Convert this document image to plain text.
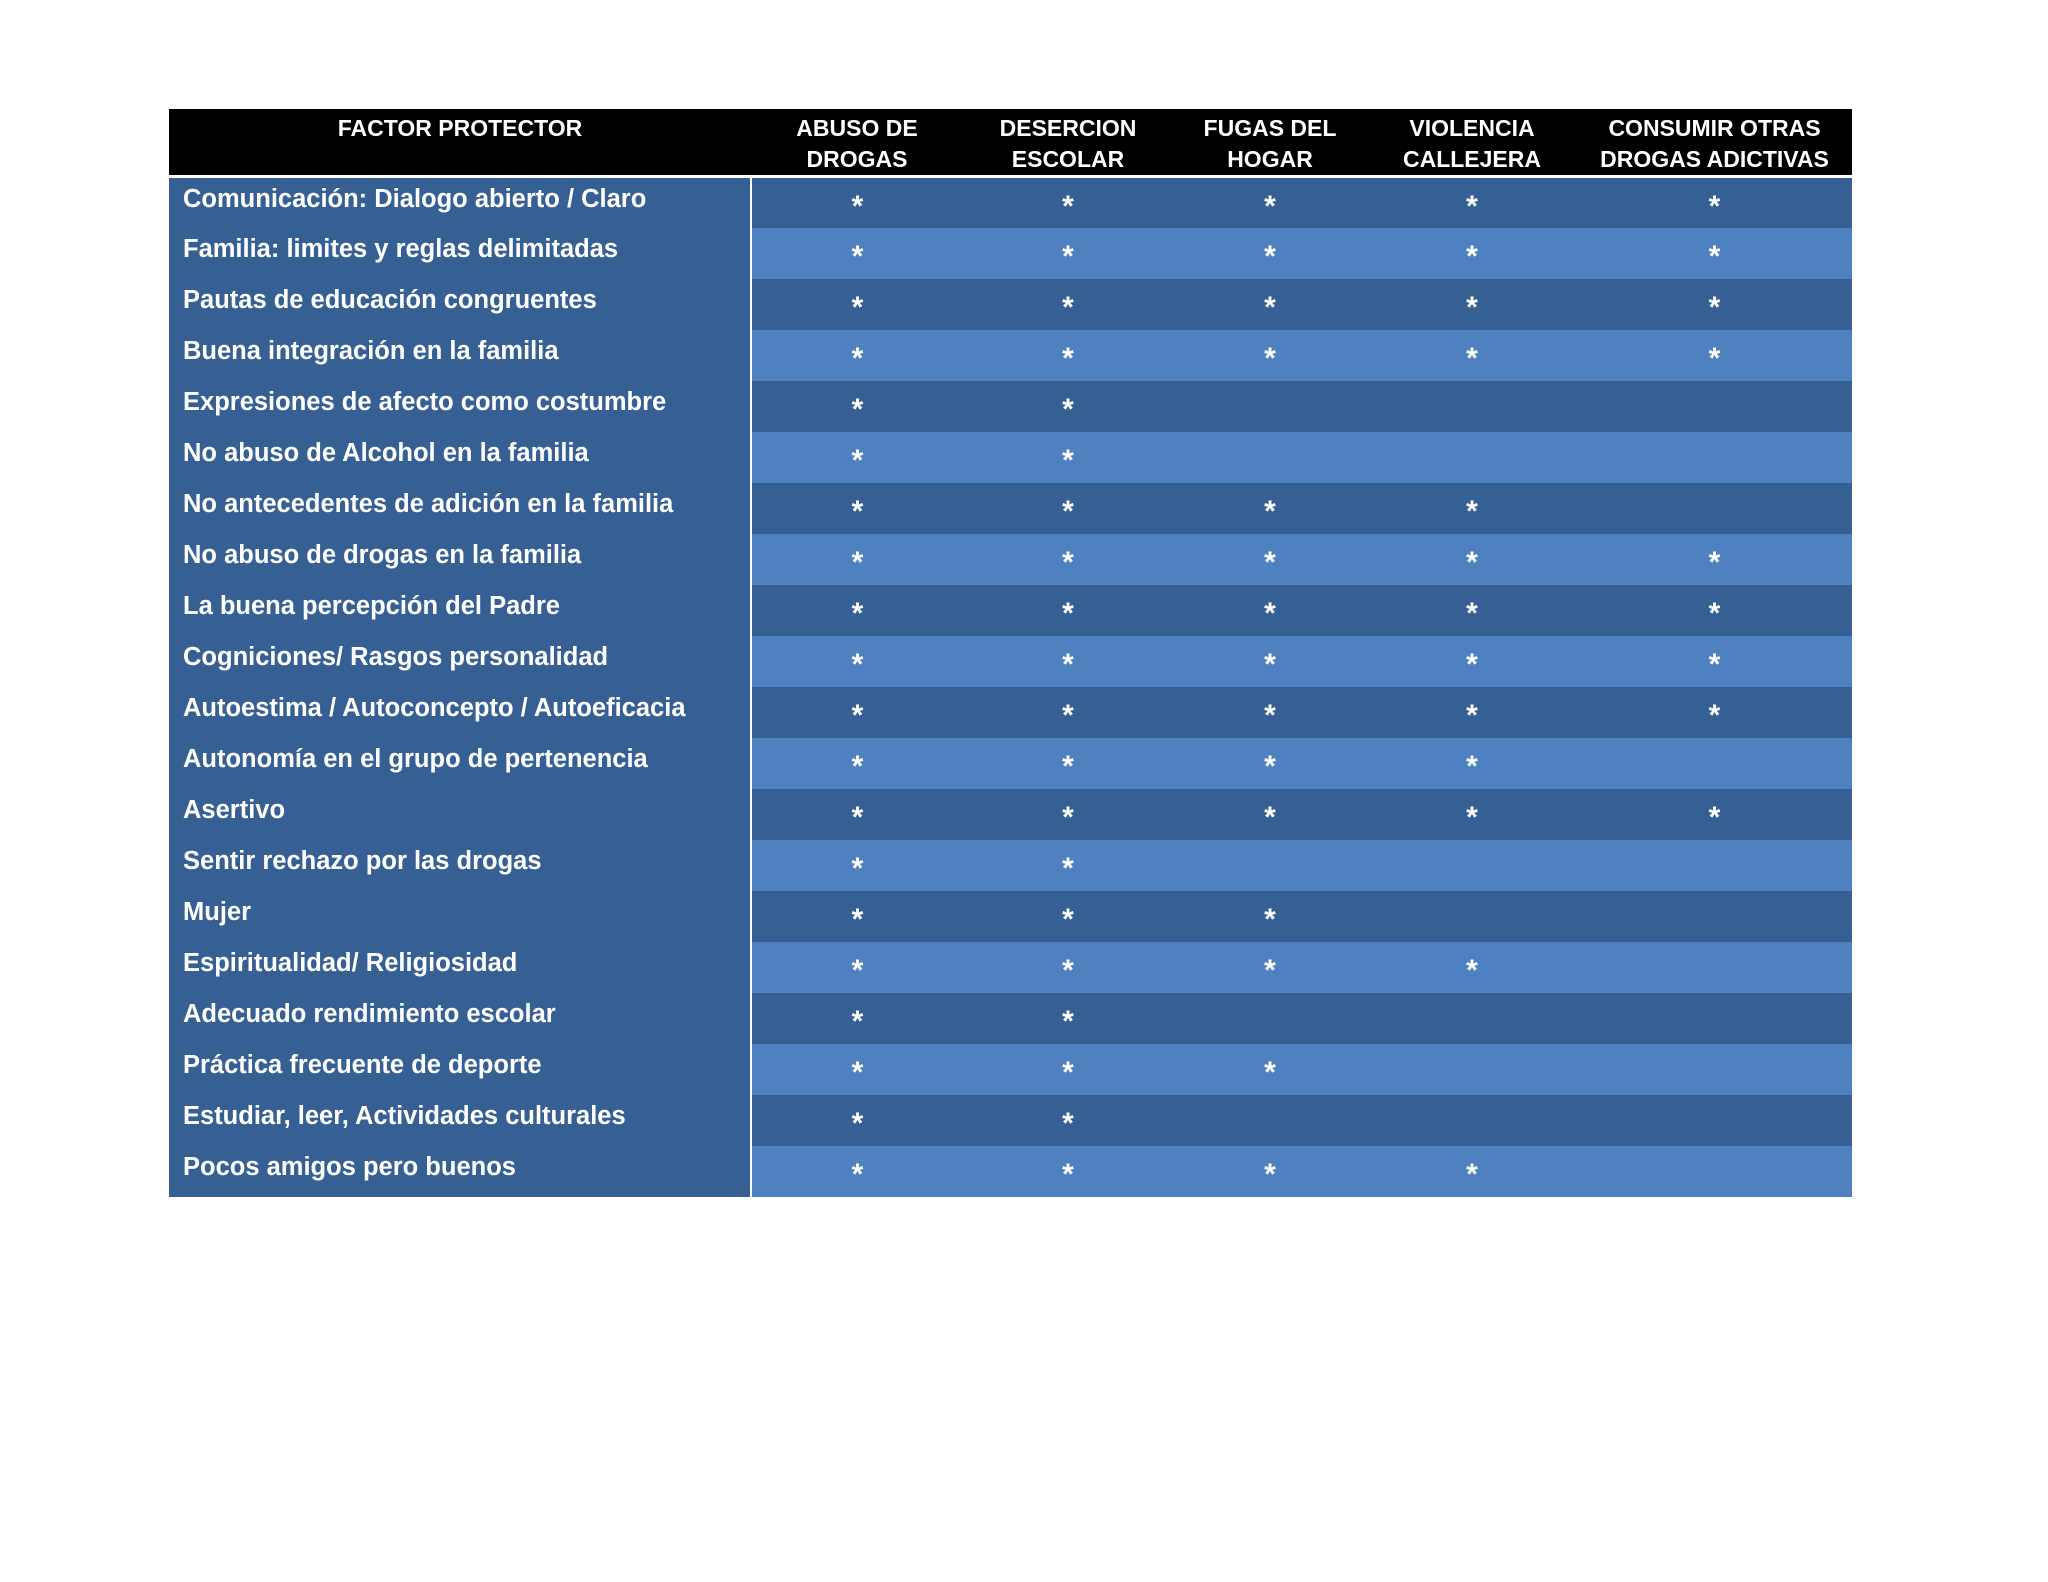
FACTOR PROTECTOR	ABUSO DE DROGAS	DESERCION ESCOLAR	FUGAS DEL HOGAR	VIOLENCIA CALLEJERA	CONSUMIR OTRAS DROGAS ADICTIVAS
Comunicación: Dialogo abierto / Claro	*	*	*	*	*
Familia: limites y reglas delimitadas	*	*	*	*	*
Pautas de educación congruentes	*	*	*	*	*
Buena integración en la familia	*	*	*	*	*
Expresiones de afecto como costumbre	*	*			
No abuso de Alcohol en la familia	*	*			
No antecedentes de adición en la familia	*	*	*	*	
No abuso de drogas en la familia	*	*	*	*	*
La buena percepción del Padre	*	*	*	*	*
Cogniciones/ Rasgos personalidad	*	*	*	*	*
Autoestima / Autoconcepto / Autoeficacia	*	*	*	*	*
Autonomía en el grupo de pertenencia	*	*	*	*	
Asertivo	*	*	*	*	*
Sentir rechazo por las drogas	*	*			
Mujer	*	*	*		
Espiritualidad/ Religiosidad	*	*	*	*	
Adecuado rendimiento escolar	*	*			
Práctica frecuente de deporte	*	*	*		
Estudiar, leer, Actividades culturales	*	*			
Pocos amigos pero buenos	*	*	*	*	
